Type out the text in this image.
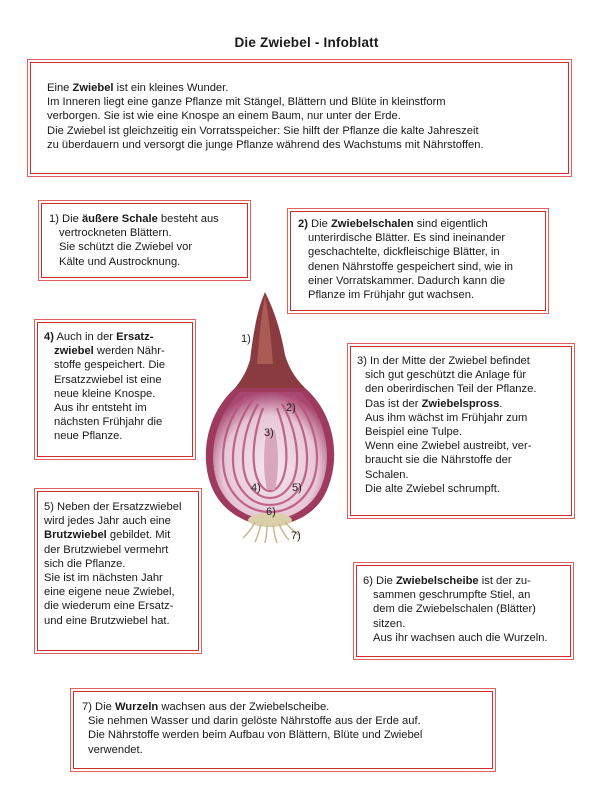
Die Zwiebel - Infoblatt

Eine Zwiebel ist ein kleines Wunder.

Im Inneren liegt eine ganze Pflanze mit Stängel, Blättern und Blüte in kleinstform

verborgen. Sie ist wie eine Knospe an einem Baum, nur unter der Erde.

Die Zwiebel ist gleichzeitig ein Vorratsspeicher: Sie hilft der Pflanze die kalte Jahreszeit

zu überdauern und versorgt die junge Pflanze während des Wachstums mit Nährstoffen.

1) Die äußere Schale besteht aus

vertrockneten Blättern.

Sie schützt die Zwiebel vor

Kälte und Austrocknung.

2) Die Zwiebelschalen sind eigentlich

unterirdische Blätter. Es sind ineinander

geschachtelte, dickfleischige Blätter, in

denen Nährstoffe gespeichert sind, wie in

einer Vorratskammer. Dadurch kann die

Pflanze im Frühjahr gut wachsen.

4) Auch in der Ersatz-

zwiebel werden Nähr-

stoffe gespeichert. Die

Ersatzzwiebel ist eine

neue kleine Knospe.

Aus ihr entsteht im

nächsten Frühjahr die

neue Pflanze.

3) In der Mitte der Zwiebel befindet

sich gut geschützt die Anlage für

den oberirdischen Teil der Pflanze.

Das ist der Zwiebelspross.

Aus ihm wächst im Frühjahr zum

Beispiel eine Tulpe.

Wenn eine Zwiebel austreibt, ver-

braucht sie die Nährstoffe der

Schalen.

Die alte Zwiebel schrumpft.

5) Neben der Ersatzzwiebel

wird jedes Jahr auch eine

Brutzwiebel gebildet. Mit

der Brutzwiebel vermehrt

sich die Pflanze.

Sie ist im nächsten Jahr

eine eigene neue Zwiebel,

die wiederum eine Ersatz-

und eine Brutzwiebel hat.

6) Die Zwiebelscheibe ist der zu-

sammen geschrumpfte Stiel, an

dem die Zwiebelschalen (Blätter)

sitzen.

Aus ihr wachsen auch die Wurzeln.

7) Die Wurzeln wachsen aus der Zwiebelscheibe.

Sie nehmen Wasser und darin gelöste Nährstoffe aus der Erde auf.

Die Nährstoffe werden beim Aufbau von Blättern, Blüte und Zwiebel

verwendet.

1)
2)
3)
4)	5)
6)
7)
